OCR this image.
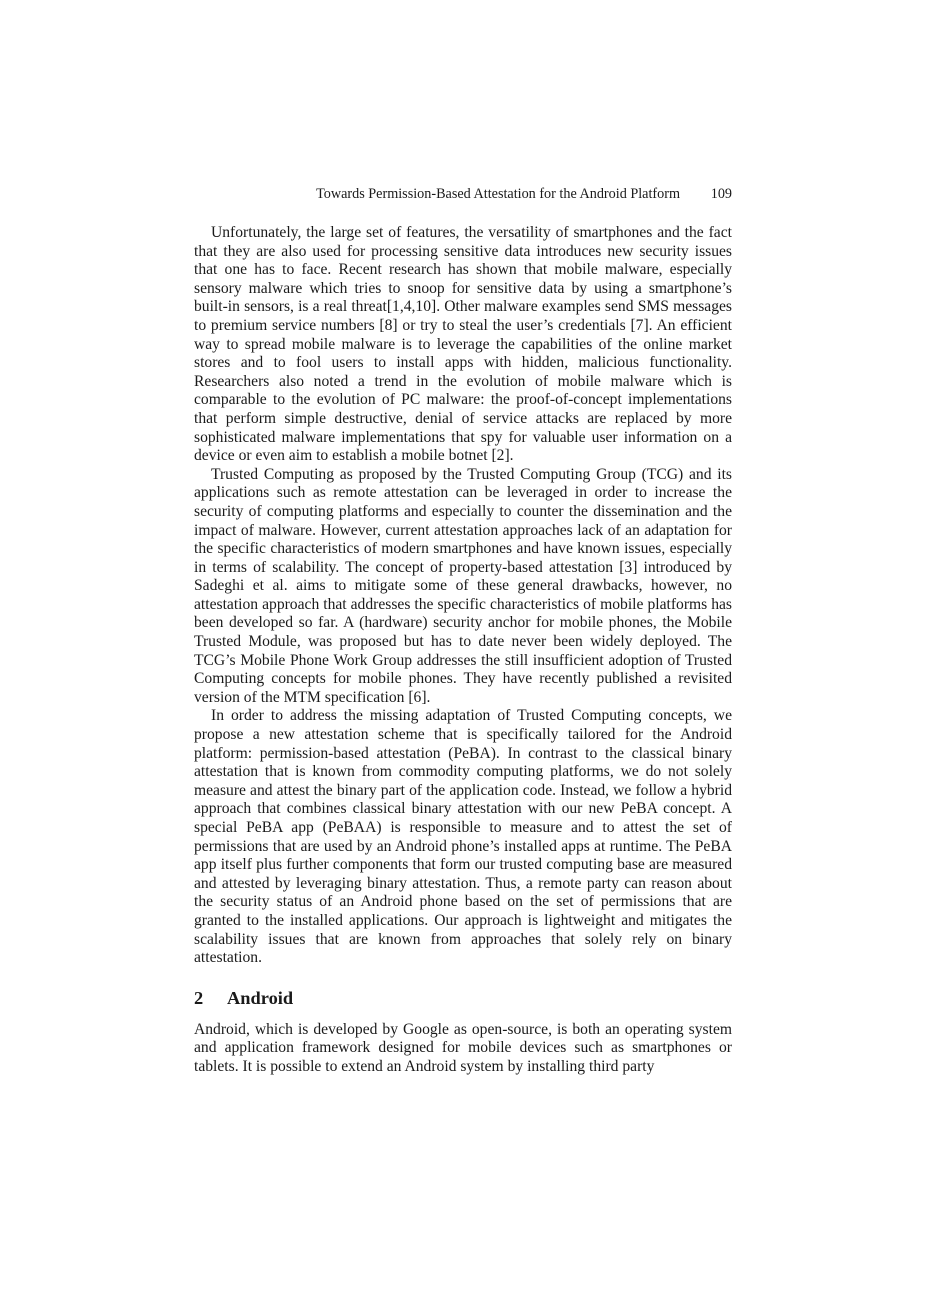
Towards Permission-Based Attestation for the Android Platform 109

Unfortunately, the large set of features, the versatility of smartphones and the fact that they are also used for processing sensitive data introduces new security issues that one has to face. Recent research has shown that mobile malware, especially sensory malware which tries to snoop for sensitive data by using a smartphone’s built-in sensors, is a real threat[1,4,10]. Other malware examples send SMS messages to premium service numbers [8] or try to steal the user’s credentials [7]. An efficient way to spread mobile malware is to leverage the capabilities of the online market stores and to fool users to install apps with hidden, malicious functionality. Researchers also noted a trend in the evolution of mobile malware which is comparable to the evolution of PC malware: the proof-of-concept implementations that perform simple destructive, denial of service attacks are replaced by more sophisticated malware implementations that spy for valuable user information on a device or even aim to establish a mobile botnet [2].

Trusted Computing as proposed by the Trusted Computing Group (TCG) and its applications such as remote attestation can be leveraged in order to increase the security of computing platforms and especially to counter the dissemination and the impact of malware. However, current attestation approaches lack of an adaptation for the specific characteristics of modern smartphones and have known issues, especially in terms of scalability. The concept of property-based attestation [3] introduced by Sadeghi et al. aims to mitigate some of these general drawbacks, however, no attestation approach that addresses the specific characteristics of mobile platforms has been developed so far. A (hardware) security anchor for mobile phones, the Mobile Trusted Module, was proposed but has to date never been widely deployed. The TCG’s Mobile Phone Work Group addresses the still insufficient adoption of Trusted Computing concepts for mobile phones. They have recently published a revisited version of the MTM specification [6].

In order to address the missing adaptation of Trusted Computing concepts, we propose a new attestation scheme that is specifically tailored for the Android platform: permission-based attestation (PeBA). In contrast to the classical binary attestation that is known from commodity computing platforms, we do not solely measure and attest the binary part of the application code. Instead, we follow a hybrid approach that combines classical binary attestation with our new PeBA concept. A special PeBA app (PeBAA) is responsible to measure and to attest the set of permissions that are used by an Android phone’s installed apps at runtime. The PeBA app itself plus further components that form our trusted computing base are measured and attested by leveraging binary attestation. Thus, a remote party can reason about the security status of an Android phone based on the set of permissions that are granted to the installed applications. Our approach is lightweight and mitigates the scalability issues that are known from approaches that solely rely on binary attestation.

2	Android

Android, which is developed by Google as open-source, is both an operating system and application framework designed for mobile devices such as smartphones or tablets. It is possible to extend an Android system by installing third party
